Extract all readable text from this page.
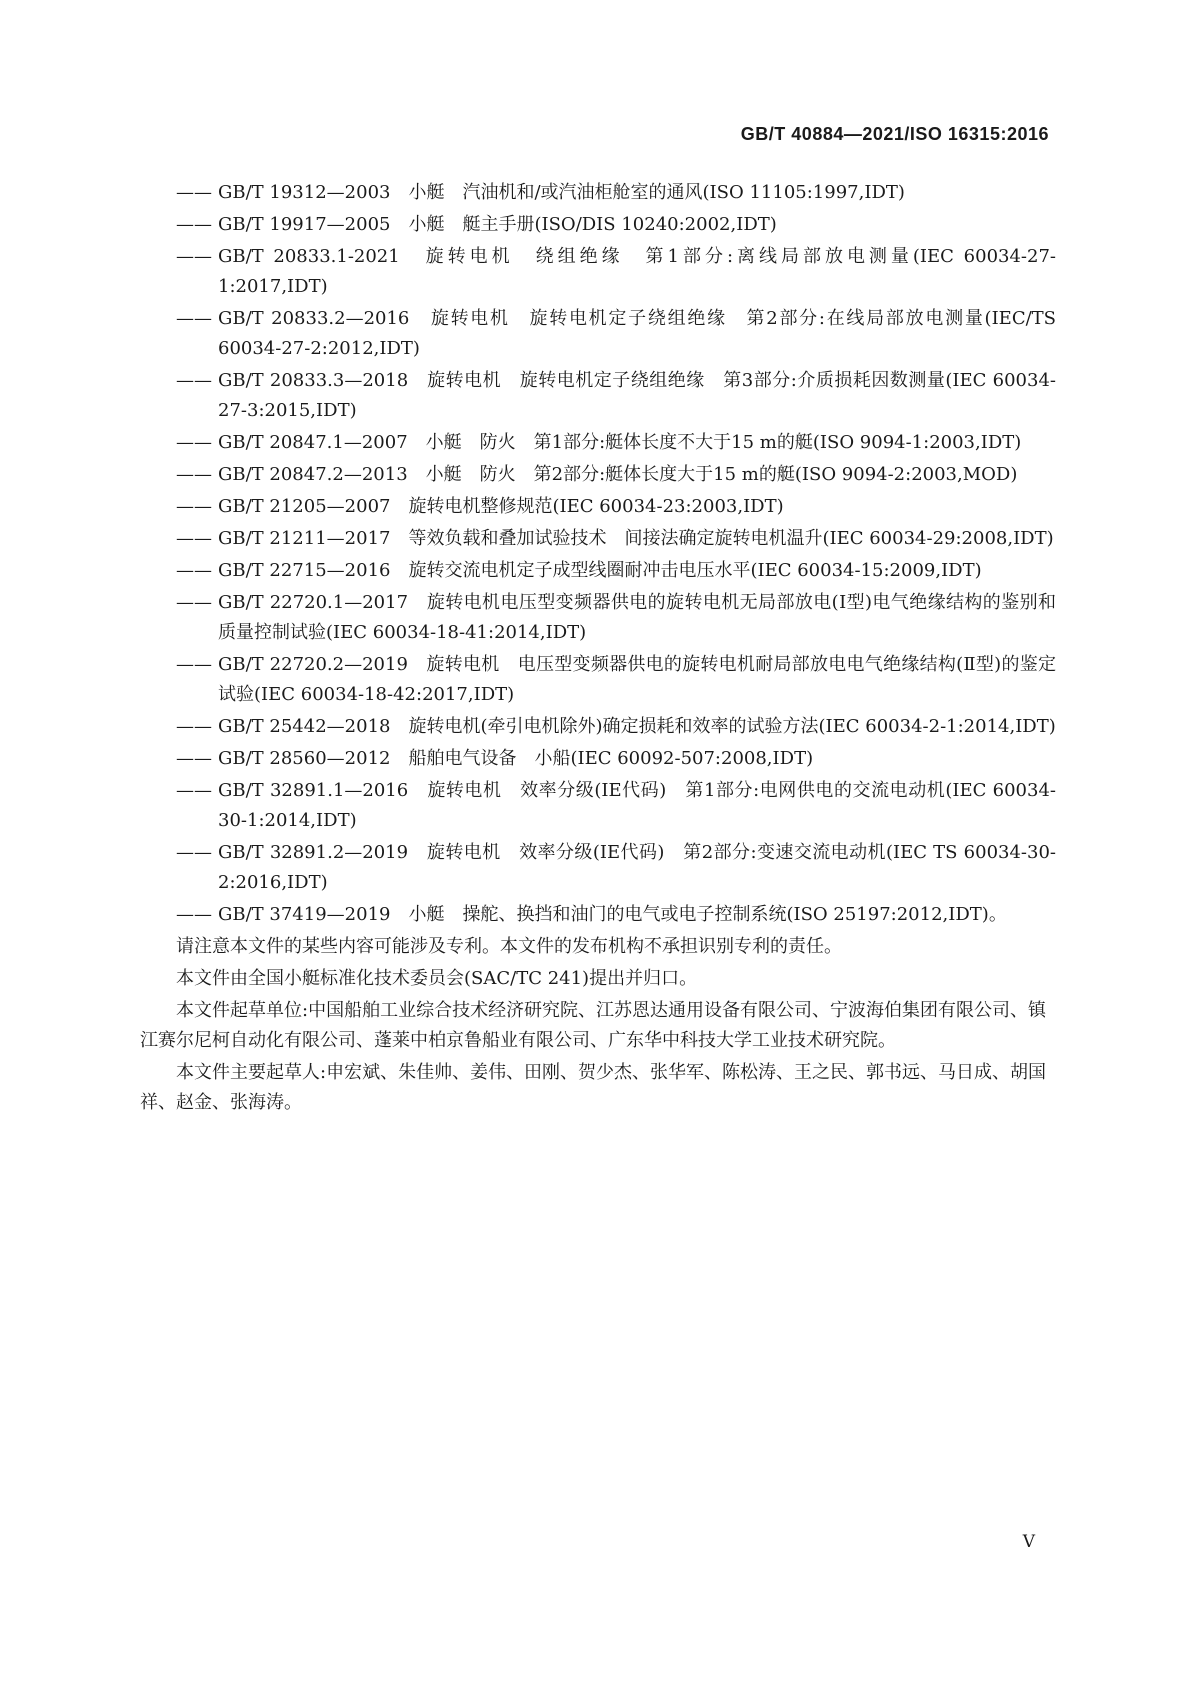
GB/T 40884—2021/ISO 16315:2016
—— GB/T 19312—2003　小艇　汽油机和/或汽油柜舱室的通风(ISO 11105:1997,IDT)
—— GB/T 19917—2005　小艇　艇主手册(ISO/DIS 10240:2002,IDT)
—— GB/T 20833.1-2021　旋转电机　绕组绝缘　第1部分:离线局部放电测量(IEC 60034-27-1:2017,IDT)
—— GB/T 20833.2—2016　旋转电机　旋转电机定子绕组绝缘　第2部分:在线局部放电测量(IEC/TS 60034-27-2:2012,IDT)
—— GB/T 20833.3—2018　旋转电机　旋转电机定子绕组绝缘　第3部分:介质损耗因数测量(IEC 60034-27-3:2015,IDT)
—— GB/T 20847.1—2007　小艇　防火　第1部分:艇体长度不大于15 m的艇(ISO 9094-1:2003,IDT)
—— GB/T 20847.2—2013　小艇　防火　第2部分:艇体长度大于15 m的艇(ISO 9094-2:2003,MOD)
—— GB/T 21205—2007　旋转电机整修规范(IEC 60034-23:2003,IDT)
—— GB/T 21211—2017　等效负载和叠加试验技术　间接法确定旋转电机温升(IEC 60034-29:2008,IDT)
—— GB/T 22715—2016　旋转交流电机定子成型线圈耐冲击电压水平(IEC 60034-15:2009,IDT)
—— GB/T 22720.1—2017　旋转电机电压型变频器供电的旋转电机无局部放电(Ⅰ型)电气绝缘结构的鉴别和质量控制试验(IEC 60034-18-41:2014,IDT)
—— GB/T 22720.2—2019　旋转电机　电压型变频器供电的旋转电机耐局部放电电气绝缘结构(Ⅱ型)的鉴定试验(IEC 60034-18-42:2017,IDT)
—— GB/T 25442—2018　旋转电机(牵引电机除外)确定损耗和效率的试验方法(IEC 60034-2-1:2014,IDT)
—— GB/T 28560—2012　船舶电气设备　小船(IEC 60092-507:2008,IDT)
—— GB/T 32891.1—2016　旋转电机　效率分级(IE代码)　第1部分:电网供电的交流电动机(IEC 60034-30-1:2014,IDT)
—— GB/T 32891.2—2019　旋转电机　效率分级(IE代码)　第2部分:变速交流电动机(IEC TS 60034-30-2:2016,IDT)
—— GB/T 37419—2019　小艇　操舵、换挡和油门的电气或电子控制系统(ISO 25197:2012,IDT)。

请注意本文件的某些内容可能涉及专利。本文件的发布机构不承担识别专利的责任。

本文件由全国小艇标准化技术委员会(SAC/TC 241)提出并归口。

本文件起草单位:中国船舶工业综合技术经济研究院、江苏恩达通用设备有限公司、宁波海伯集团有限公司、镇江赛尔尼柯自动化有限公司、蓬莱中柏京鲁船业有限公司、广东华中科技大学工业技术研究院。

本文件主要起草人:申宏斌、朱佳帅、姜伟、田刚、贺少杰、张华军、陈松涛、王之民、郭书远、马日成、胡国祥、赵金、张海涛。

Ⅴ
